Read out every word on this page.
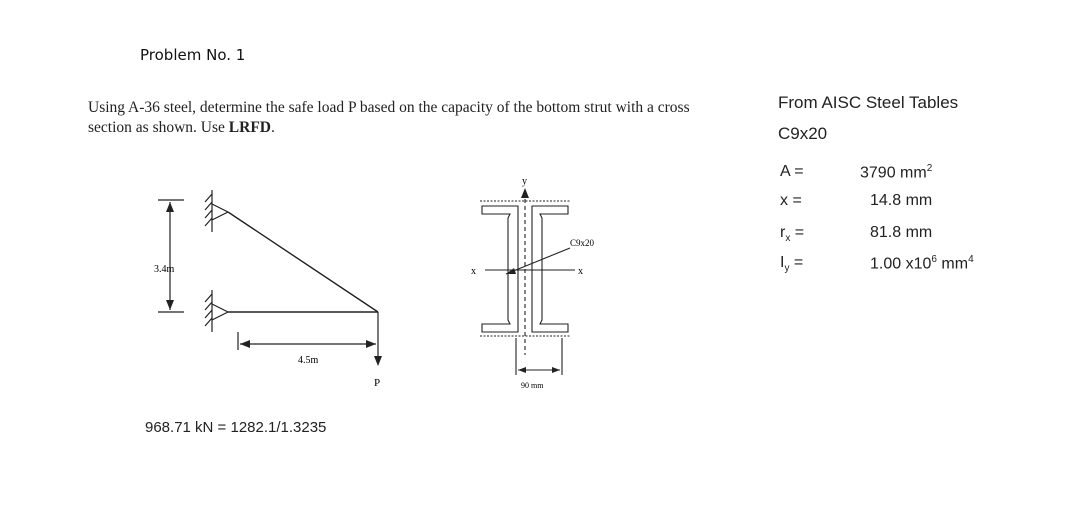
Problem No. 1
Using A-36 steel, determine the safe load P based on the capacity of the bottom strut with a cross section as shown. Use LRFD.
3.4m
4.5m
P
y
x
x
C9x20
90 mm
From AISC Steel Tables
C9x20
A =	3790 $mm^2$
x =	14.8 mm
$r_x$ =	81.8 mm
$I_y$ =	1.00 $x10^6$ $mm^4$
968.71 kN = 1282.1/1.3235
